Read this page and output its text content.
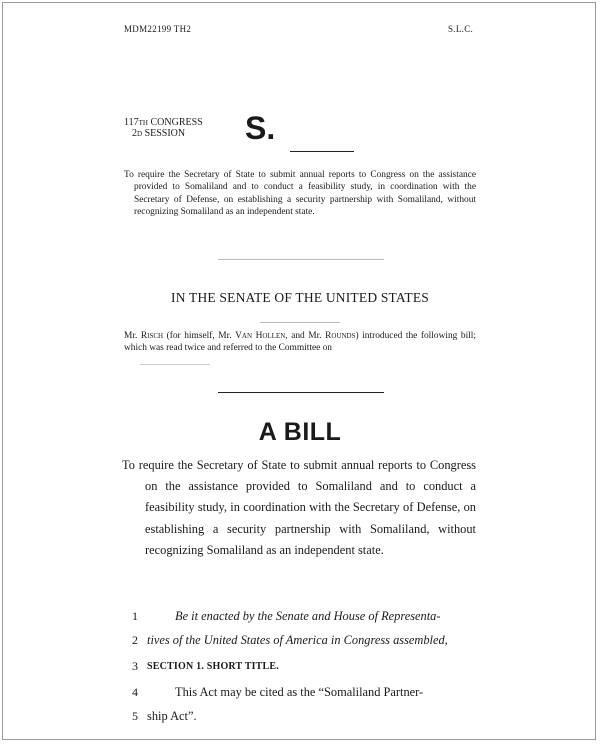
MDM22199 TH2	S.L.C.
117TH CONGRESS
2D SESSION S.

To require the Secretary of State to submit annual reports to Congress on the assistance provided to Somaliland and to conduct a feasibility study, in coordination with the Secretary of Defense, on establishing a security partnership with Somaliland, without recognizing Somaliland as an independent state.

IN THE SENATE OF THE UNITED STATES

Mr. Risch (for himself, Mr. Van Hollen, and Mr. Rounds) introduced the following bill; which was read twice and referred to the Committee on

A BILL

To require the Secretary of State to submit annual reports to Congress on the assistance provided to Somaliland and to conduct a feasibility study, in coordination with the Secretary of Defense, on establishing a security partnership with Somaliland, without recognizing Somaliland as an independent state.

1	Be it enacted by the Senate and House of Representa-
2 tives of the United States of America in Congress assembled,
3 SECTION 1. SHORT TITLE.
4	This Act may be cited as the “Somaliland Partner-
5 ship Act”.
